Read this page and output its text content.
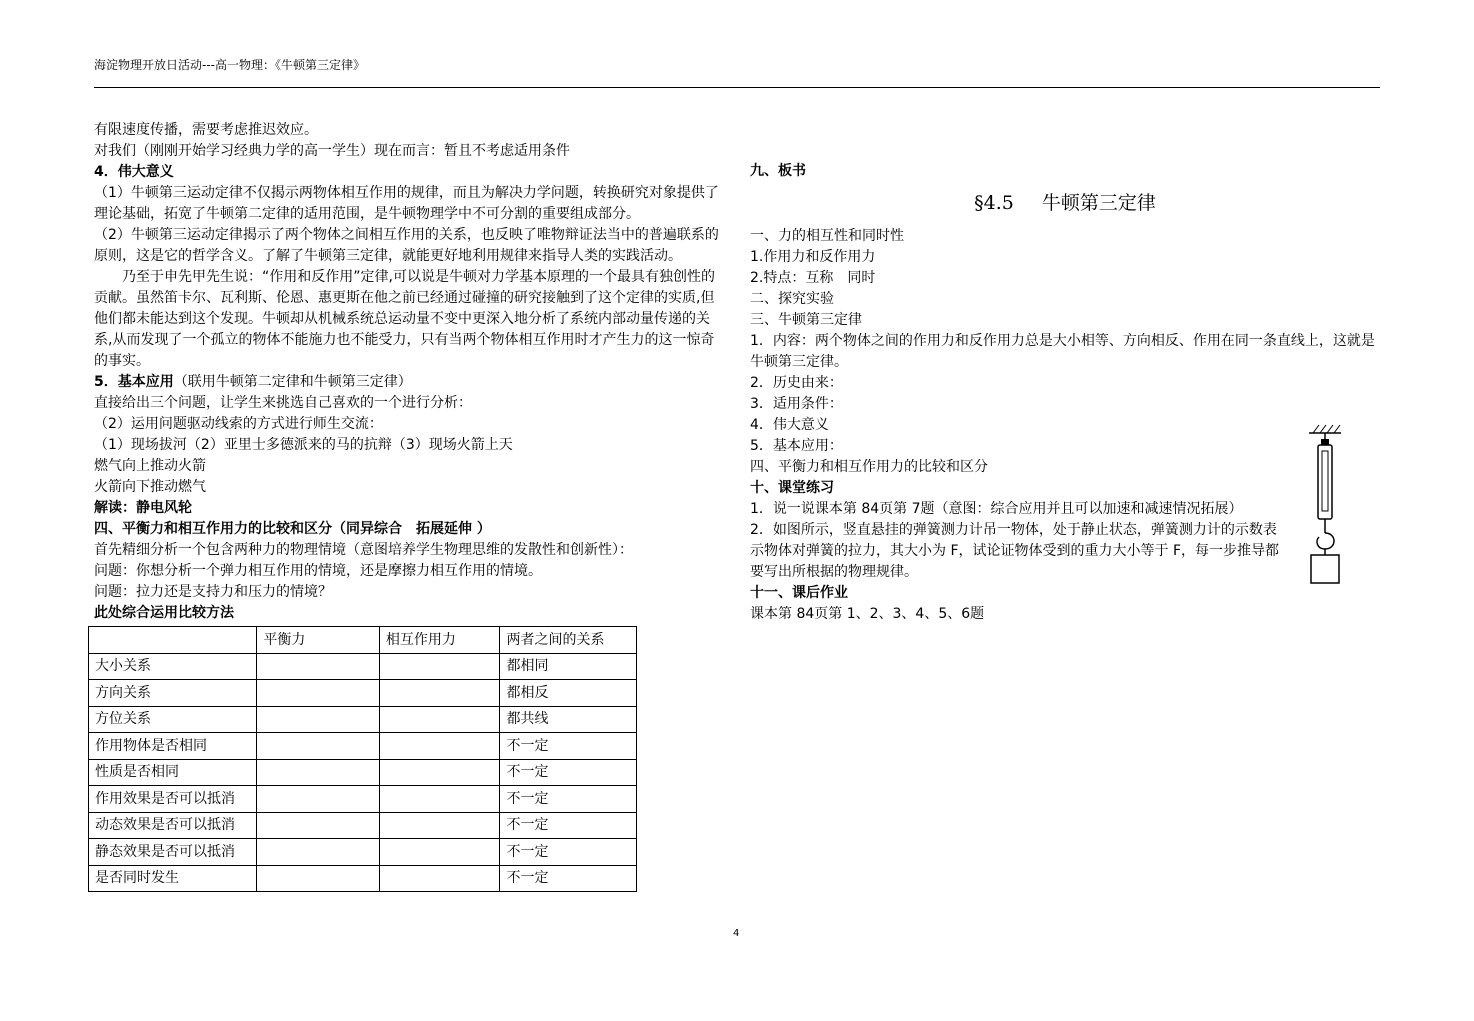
海淀物理开放日活动---高一物理：《牛顿第三定律》
有限速度传播，需要考虑推迟效应。
对我们（刚刚开始学习经典力学的高一学生）现在而言：暂且不考虑适用条件
4．伟大意义
（1）牛顿第三运动定律不仅揭示两物体相互作用的规律，而且为解决力学问题，转换研究对象提供了理论基础，拓宽了牛顿第二定律的适用范围，是牛顿物理学中不可分割的重要组成部分。
（2）牛顿第三运动定律揭示了两个物体之间相互作用的关系，也反映了唯物辩证法当中的普遍联系的原则，这是它的哲学含义。了解了牛顿第三定律，就能更好地利用规律来指导人类的实践活动。
乃至于申先甲先生说：“作用和反作用”定律,可以说是牛顿对力学基本原理的一个最具有独创性的贡献。虽然笛卡尔、瓦利斯、伦恩、惠更斯在他之前已经通过碰撞的研究接触到了这个定律的实质,但他们都未能达到这个发现。牛顿却从机械系统总运动量不变中更深入地分析了系统内部动量传递的关系,从而发现了一个孤立的物体不能施力也不能受力，只有当两个物体相互作用时才产生力的这一惊奇的事实。
5．基本应用（联用牛顿第二定律和牛顿第三定律）
直接给出三个问题，让学生来挑选自己喜欢的一个进行分析：
（2）运用问题驱动线索的方式进行师生交流：
（1）现场拔河（2）亚里士多德派来的马的抗辩（3）现场火箭上天
燃气向上推动火箭
火箭向下推动燃气
解读：静电风轮
四、平衡力和相互作用力的比较和区分（同异综合　拓展延伸 ）
首先精细分析一个包含两种力的物理情境（意图培养学生物理思维的发散性和创新性）：
问题：你想分析一个弹力相互作用的情境，还是摩擦力相互作用的情境。
问题：拉力还是支持力和压力的情境？
此处综合运用比较方法
	平衡力	相互作用力	两者之间的关系
大小关系			都相同
方向关系			都相反
方位关系			都共线
作用物体是否相同			不一定
性质是否相同			不一定
作用效果是否可以抵消			不一定
动态效果是否可以抵消			不一定
静态效果是否可以抵消			不一定
是否同时发生			不一定
九、板书
§4.5 牛顿第三定律
一、力的相互性和同时性
1.作用力和反作用力
2.特点：互称　同时
二、探究实验
三、牛顿第三定律
1．内容：两个物体之间的作用力和反作用力总是大小相等、方向相反、作用在同一条直线上，这就是牛顿第三定律。
2．历史由来：
3．适用条件：
4．伟大意义
5．基本应用：
四、平衡力和相互作用力的比较和区分
十、课堂练习
1．说一说课本第 84页第 7题（意图：综合应用并且可以加速和减速情况拓展）
2．如图所示，竖直悬挂的弹簧测力计吊一物体，处于静止状态，弹簧测力计的示数表示物体对弹簧的拉力，其大小为 F，试论证物体受到的重力大小等于 F，每一步推导都要写出所根据的物理规律。
十一、课后作业
课本第 84页第 1、2、3、4、5、6题
4
